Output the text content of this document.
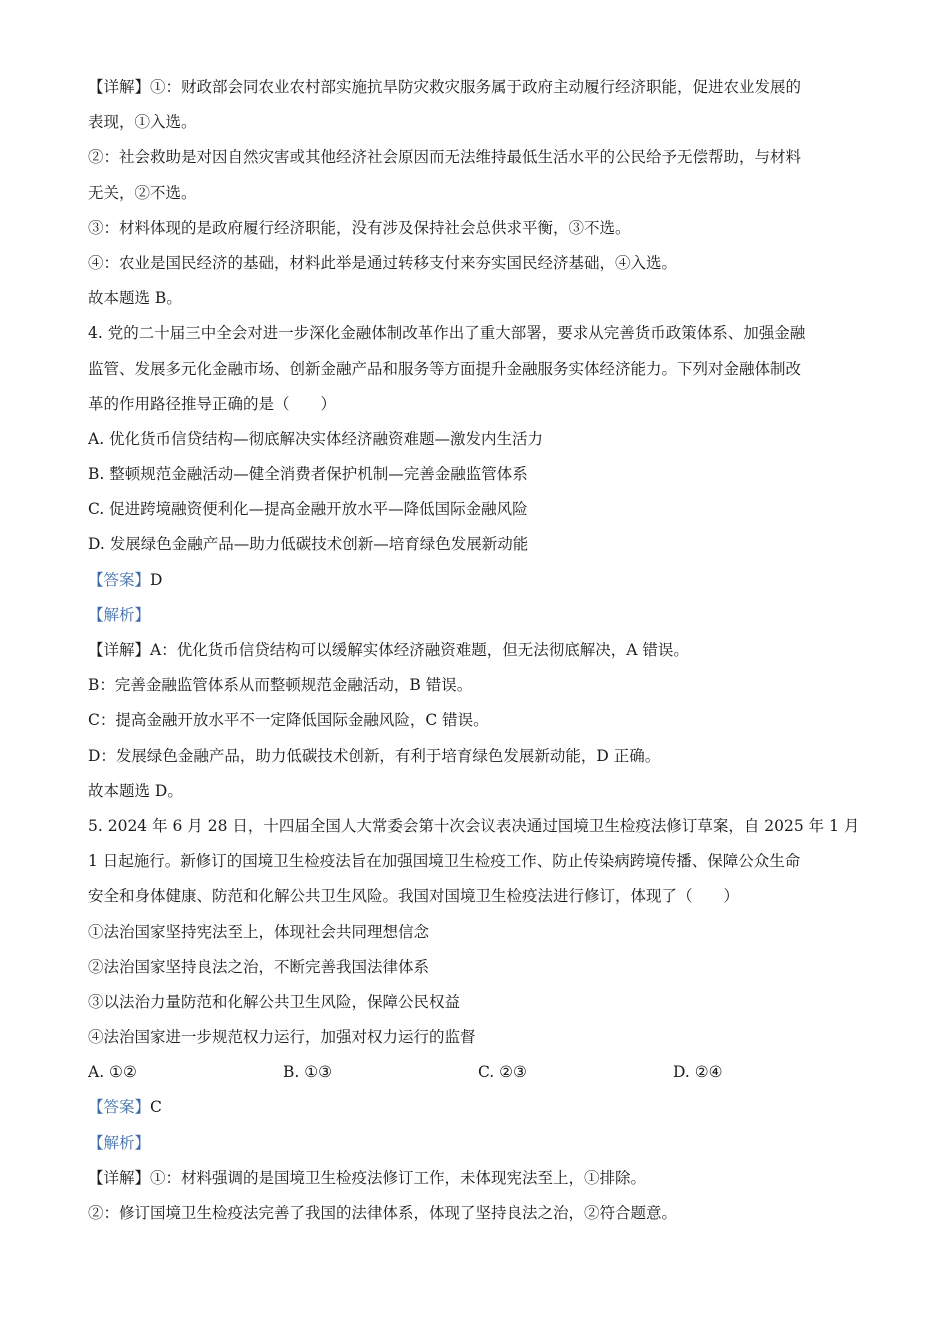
【详解】①：财政部会同农业农村部实施抗旱防灾救灾服务属于政府主动履行经济职能，促进农业发展的
表现，①入选。
②：社会救助是对因自然灾害或其他经济社会原因而无法维持最低生活水平的公民给予无偿帮助，与材料
无关，②不选。
③：材料体现的是政府履行经济职能，没有涉及保持社会总供求平衡，③不选。
④：农业是国民经济的基础，材料此举是通过转移支付来夯实国民经济基础，④入选。
故本题选 B。
4. 党的二十届三中全会对进一步深化金融体制改革作出了重大部署，要求从完善货币政策体系、加强金融
监管、发展多元化金融市场、创新金融产品和服务等方面提升金融服务实体经济能力。下列对金融体制改
革的作用路径推导正确的是（　　）
A. 优化货币信贷结构—彻底解决实体经济融资难题—激发内生活力
B. 整顿规范金融活动—健全消费者保护机制—完善金融监管体系
C. 促进跨境融资便利化—提高金融开放水平—降低国际金融风险
D. 发展绿色金融产品—助力低碳技术创新—培育绿色发展新动能
【答案】D
【解析】
【详解】A：优化货币信贷结构可以缓解实体经济融资难题，但无法彻底解决，A 错误。
B：完善金融监管体系从而整顿规范金融活动，B 错误。
C：提高金融开放水平不一定降低国际金融风险，C 错误。
D：发展绿色金融产品，助力低碳技术创新，有利于培育绿色发展新动能，D 正确。
故本题选 D。
5. 2024 年 6 月 28 日，十四届全国人大常委会第十次会议表决通过国境卫生检疫法修订草案，自 2025 年 1 月
1 日起施行。新修订的国境卫生检疫法旨在加强国境卫生检疫工作、防止传染病跨境传播、保障公众生命
安全和身体健康、防范和化解公共卫生风险。我国对国境卫生检疫法进行修订，体现了（　　）
①法治国家坚持宪法至上，体现社会共同理想信念
②法治国家坚持良法之治，不断完善我国法律体系
③以法治力量防范和化解公共卫生风险，保障公民权益
④法治国家进一步规范权力运行，加强对权力运行的监督
A. ①②	B. ①③	C. ②③	D. ②④
【答案】C
【解析】
【详解】①：材料强调的是国境卫生检疫法修订工作，未体现宪法至上，①排除。
②：修订国境卫生检疫法完善了我国的法律体系，体现了坚持良法之治，②符合题意。
